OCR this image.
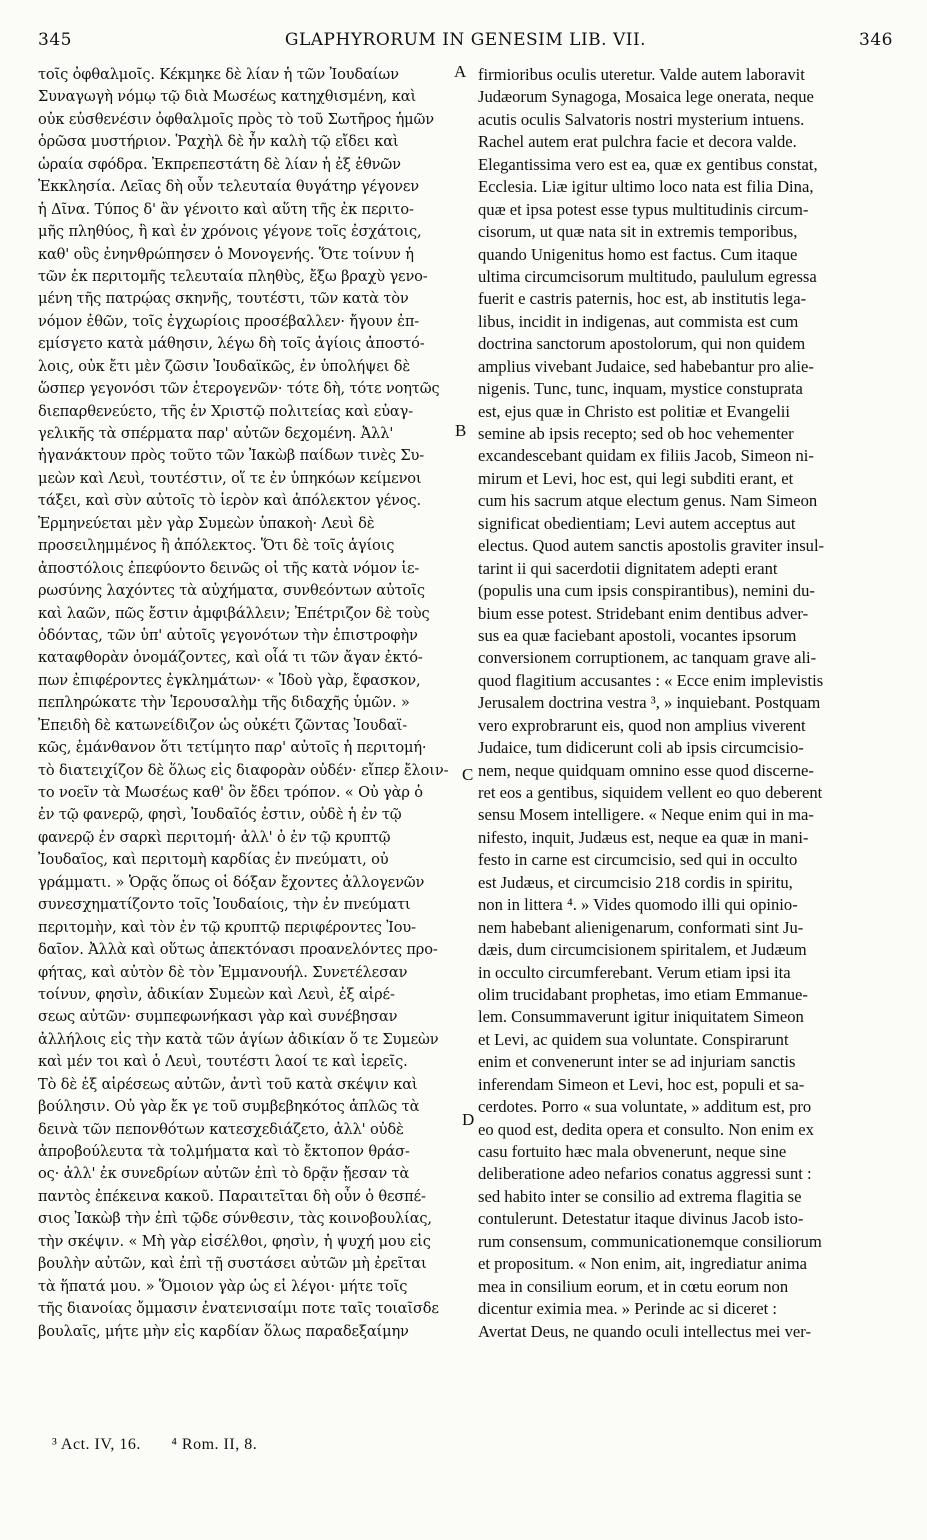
345	GLAPHYRORUM IN GENESIM LIB. VII.	346
τοῖς ὀφθαλμοῖς. Κέκμηκε δὲ λίαν ἡ τῶν Ἰουδαίων
Συναγωγὴ νόμῳ τῷ διὰ Μωσέως κατηχθισμένη, καὶ
οὐκ εὐσθενέσιν ὀφθαλμοῖς πρὸς τὸ τοῦ Σωτῆρος ἡμῶν
ὁρῶσα μυστήριον. Ῥαχὴλ δὲ ἦν καλὴ τῷ εἴδει καὶ
ὡραία σφόδρα. Ἐκπρεπεστάτη δὲ λίαν ἡ ἐξ ἐθνῶν
Ἐκκλησία. Λεῖας δὴ οὖν τελευταία θυγάτηρ γέγονεν
ἡ Δῖνα. Τύπος δ' ἂν γένοιτο καὶ αὕτη τῆς ἐκ περιτο-
μῆς πληθύος, ἣ καὶ ἐν χρόνοις γέγονε τοῖς ἐσχάτοις,
καθ' οὓς ἐνηνθρώπησεν ὁ Μονογενής. Ὅτε τοίνυν ἡ
τῶν ἐκ περιτομῆς τελευταία πληθὺς, ἔξω βραχὺ γενο-
μένη τῆς πατρῴας σκηνῆς, τουτέστι, τῶν κατὰ τὸν
νόμον ἐθῶν, τοῖς ἐγχωρίοις προσέβαλλεν· ἤγουν ἐπ-
εμίσγετο κατὰ μάθησιν, λέγω δὴ τοῖς ἁγίοις ἀποστό-
λοις, οὐκ ἔτι μὲν ζῶσιν Ἰουδαϊκῶς, ἐν ὑπολήψει δὲ
ὥσπερ γεγονόσι τῶν ἑτερογενῶν· τότε δὴ, τότε νοητῶς
διεπαρθενεύετο, τῆς ἐν Χριστῷ πολιτείας καὶ εὐαγ-
γελικῆς τὰ σπέρματα παρ' αὐτῶν δεχομένη. Ἀλλ'
ἠγανάκτουν πρὸς τοῦτο τῶν Ἰακὼβ παίδων τινὲς Συ-
μεὼν καὶ Λευὶ, τουτέστιν, οἵ τε ἐν ὑπηκόων κείμενοι
τάξει, καὶ σὺν αὐτοῖς τὸ ἱερὸν καὶ ἀπόλεκτον γένος.
Ἑρμηνεύεται μὲν γὰρ Συμεὼν ὑπακοὴ· Λευὶ δὲ
προσειλημμένος ἢ ἀπόλεκτος. Ὅτι δὲ τοῖς ἁγίοις
ἀποστόλοις ἐπεφύοντο δεινῶς οἱ τῆς κατὰ νόμον ἱε-
ρωσύνης λαχόντες τὰ αὐχήματα, συνθεόντων αὐτοῖς
καὶ λαῶν, πῶς ἔστιν ἀμφιβάλλειν; Ἐπέτριζον δὲ τοὺς
ὀδόντας, τῶν ὑπ' αὐτοῖς γεγονότων τὴν ἐπιστροφὴν
καταφθορὰν ὀνομάζοντες, καὶ οἷά τι τῶν ἄγαν ἐκτό-
πων ἐπιφέροντες ἐγκλημάτων· « Ἰδοὺ γὰρ, ἔφασκον,
πεπληρώκατε τὴν Ἱερουσαλὴμ τῆς διδαχῆς ὑμῶν. »
Ἐπειδὴ δὲ κατωνείδιζον ὡς οὐκέτι ζῶντας Ἰουδαϊ-
κῶς, ἐμάνθανον ὅτι τετίμητο παρ' αὐτοῖς ἡ περιτομή·
τὸ διατειχίζον δὲ ὅλως εἰς διαφορὰν οὐδέν· εἴπερ ἔλοιν-
το νοεῖν τὰ Μωσέως καθ' ὃν ἔδει τρόπον. « Οὐ γὰρ ὁ
ἐν τῷ φανερῷ, φησὶ, Ἰουδαῖός ἐστιν, οὐδὲ ἡ ἐν τῷ
φανερῷ ἐν σαρκὶ περιτομή· ἀλλ' ὁ ἐν τῷ κρυπτῷ
Ἰουδαῖος, καὶ περιτομὴ καρδίας ἐν πνεύματι, οὐ
γράμματι. » Ὁρᾷς ὅπως οἱ δόξαν ἔχοντες ἀλλογενῶν
συνεσχηματίζοντο τοῖς Ἰουδαίοις, τὴν ἐν πνεύματι
περιτομὴν, καὶ τὸν ἐν τῷ κρυπτῷ περιφέροντες Ἰου-
δαῖον. Ἀλλὰ καὶ οὕτως ἀπεκτόνασι προανελόντες προ-
φήτας, καὶ αὐτὸν δὲ τὸν Ἐμμανουήλ. Συνετέλεσαν
τοίνυν, φησὶν, ἀδικίαν Συμεὼν καὶ Λευὶ, ἐξ αἱρέ-
σεως αὐτῶν· συμπεφωνήκασι γὰρ καὶ συνέβησαν
ἀλλήλοις εἰς τὴν κατὰ τῶν ἁγίων ἀδικίαν ὅ τε Συμεὼν
καὶ μέν τοι καὶ ὁ Λευὶ, τουτέστι λαοί τε καὶ ἱερεῖς.
Τὸ δὲ ἐξ αἱρέσεως αὐτῶν, ἀντὶ τοῦ κατὰ σκέψιν καὶ
βούλησιν. Οὐ γὰρ ἔκ γε τοῦ συμβεβηκότος ἁπλῶς τὰ
δεινὰ τῶν πεπονθότων κατεσχεδιάζετο, ἀλλ' οὐδὲ
ἀπροβούλευτα τὰ τολμήματα καὶ τὸ ἔκτοπον θράσ-
ος· ἀλλ' ἐκ συνεδρίων αὐτῶν ἐπὶ τὸ δρᾷν ᾔεσαν τὰ
παντὸς ἐπέκεινα κακοῦ. Παραιτεῖται δὴ οὖν ὁ θεσπέ-
σιος Ἰακὼβ τὴν ἐπὶ τῷδε σύνθεσιν, τὰς κοινοβουλίας,
τὴν σκέψιν. « Μὴ γὰρ εἰσέλθοι, φησὶν, ἡ ψυχή μου εἰς
βουλὴν αὐτῶν, καὶ ἐπὶ τῇ συστάσει αὐτῶν μὴ ἐρεῖται
τὰ ἥπατά μου. » Ὅμοιον γὰρ ὡς εἰ λέγοι· μήτε τοῖς
τῆς διανοίας ὄμμασιν ἐνατενισαίμι ποτε ταῖς τοιαῖσδε
βουλαῖς, μήτε μὴν εἰς καρδίαν ὅλως παραδεξαίμην
firmioribus oculis uteretur. Valde autem laboravit
Judæorum Synagoga, Mosaica lege onerata, neque
acutis oculis Salvatoris nostri mysterium intuens.
Rachel autem erat pulchra facie et decora valde.
Elegantissima vero est ea, quæ ex gentibus constat,
Ecclesia. Liæ igitur ultimo loco nata est filia Dina,
quæ et ipsa potest esse typus multitudinis circum-
cisorum, ut quæ nata sit in extremis temporibus,
quando Unigenitus homo est factus. Cum itaque
ultima circumcisorum multitudo, paululum egressa
fuerit e castris paternis, hoc est, ab institutis lega-
libus, incidit in indigenas, aut commista est cum
doctrina sanctorum apostolorum, qui non quidem
amplius vivebant Judaice, sed habebantur pro alie-
nigenis. Tunc, tunc, inquam, mystice constuprata
est, ejus quæ in Christo est politiæ et Evangelii
semine ab ipsis recepto; sed ob hoc vehementer
excandescebant quidam ex filiis Jacob, Simeon ni-
mirum et Levi, hoc est, qui legi subditi erant, et
cum his sacrum atque electum genus. Nam Simeon
significat obedientiam; Levi autem acceptus aut
electus. Quod autem sanctis apostolis graviter insul-
tarint ii qui sacerdotii dignitatem adepti erant
(populis una cum ipsis conspirantibus), nemini du-
bium esse potest. Stridebant enim dentibus adver-
sus ea quæ faciebant apostoli, vocantes ipsorum
conversionem corruptionem, ac tanquam grave ali-
quod flagitium accusantes : « Ecce enim implevistis
Jerusalem doctrina vestra ³, » inquiebant. Postquam
vero exprobrarunt eis, quod non amplius viverent
Judaice, tum didicerunt coli ab ipsis circumcisio-
nem, neque quidquam omnino esse quod discerne-
ret eos a gentibus, siquidem vellent eo quo deberent
sensu Mosem intelligere. « Neque enim qui in ma-
nifesto, inquit, Judæus est, neque ea quæ in mani-
festo in carne est circumcisio, sed qui in occulto
est Judæus, et circumcisio 218 cordis in spiritu,
non in littera ⁴. » Vides quomodo illi qui opinio-
nem habebant alienigenarum, conformati sint Ju-
dæis, dum circumcisionem spiritalem, et Judæum
in occulto circumferebant. Verum etiam ipsi ita
olim trucidabant prophetas, imo etiam Emmanue-
lem. Consummaverunt igitur iniquitatem Simeon
et Levi, ac quidem sua voluntate. Conspirarunt
enim et convenerunt inter se ad injuriam sanctis
inferendam Simeon et Levi, hoc est, populi et sa-
cerdotes. Porro « sua voluntate, » additum est, pro
eo quod est, dedita opera et consulto. Non enim ex
casu fortuito hæc mala obvenerunt, neque sine
deliberatione adeo nefarios conatus aggressi sunt :
sed habito inter se consilio ad extrema flagitia se
contulerunt. Detestatur itaque divinus Jacob isto-
rum consensum, communicationemque consiliorum
et propositum. « Non enim, ait, ingrediatur anima
mea in consilium eorum, et in cœtu eorum non
dicentur eximia mea. » Perinde ac si diceret :
Avertat Deus, ne quando oculi intellectus mei ver-
A
B
C
D
³ Act. IV, 16. ⁴ Rom. II, 8.
